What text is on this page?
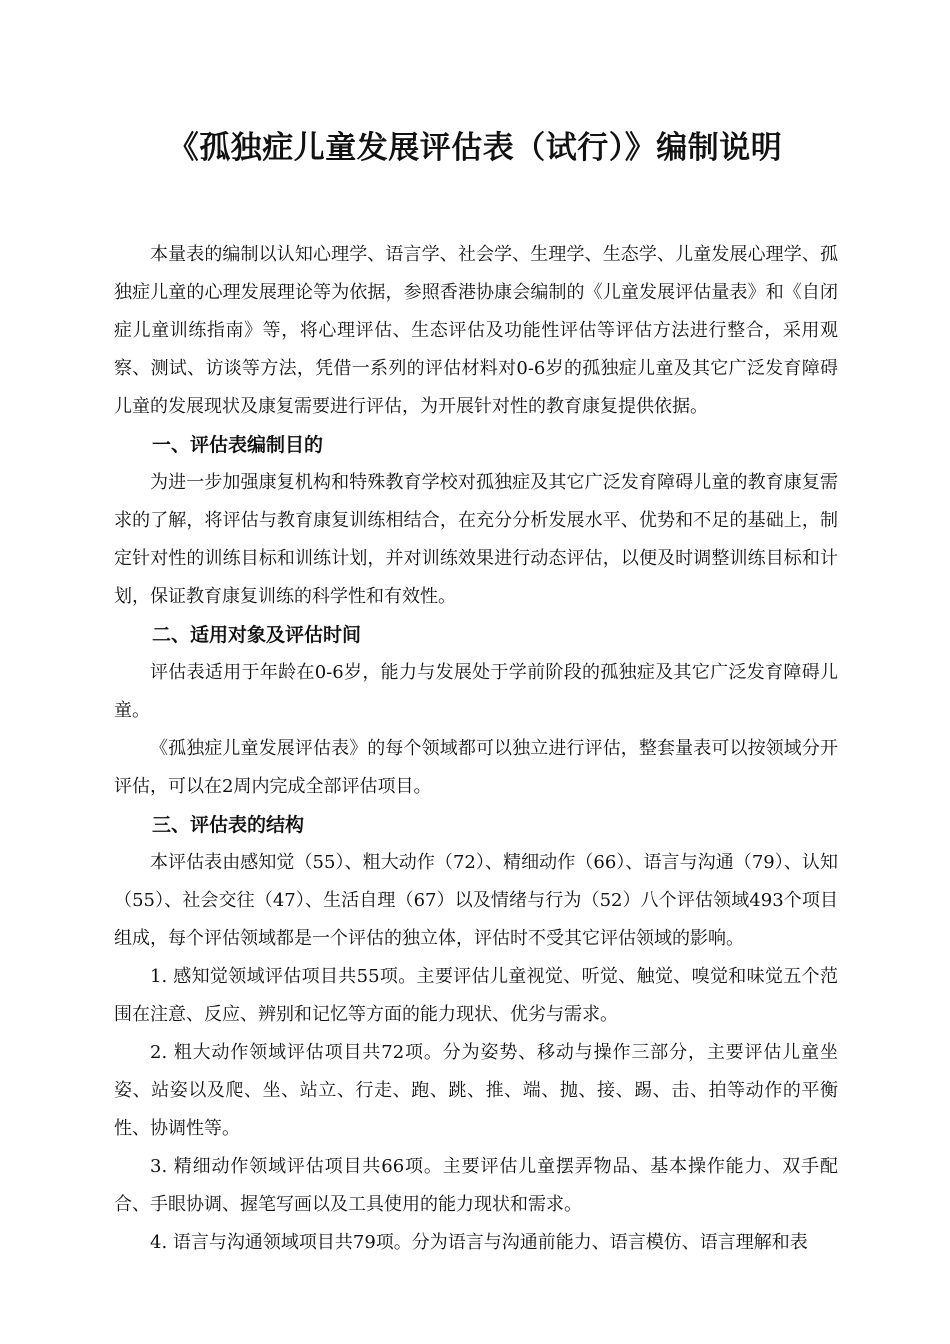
《孤独症儿童发展评估表（试行）》编制说明

本量表的编制以认知心理学、语言学、社会学、生理学、生态学、儿童发展心理学、孤独症儿童的心理发展理论等为依据，参照香港协康会编制的《儿童发展评估量表》和《自闭症儿童训练指南》等，将心理评估、生态评估及功能性评估等评估方法进行整合，采用观察、测试、访谈等方法，凭借一系列的评估材料对0-6岁的孤独症儿童及其它广泛发育障碍儿童的发展现状及康复需要进行评估，为开展针对性的教育康复提供依据。

一、评估表编制目的

为进一步加强康复机构和特殊教育学校对孤独症及其它广泛发育障碍儿童的教育康复需求的了解，将评估与教育康复训练相结合，在充分分析发展水平、优势和不足的基础上，制定针对性的训练目标和训练计划，并对训练效果进行动态评估，以便及时调整训练目标和计划，保证教育康复训练的科学性和有效性。

二、适用对象及评估时间

评估表适用于年龄在0-6岁，能力与发展处于学前阶段的孤独症及其它广泛发育障碍儿童。

《孤独症儿童发展评估表》的每个领域都可以独立进行评估，整套量表可以按领域分开评估，可以在2周内完成全部评估项目。

三、评估表的结构

本评估表由感知觉（55）、粗大动作（72）、精细动作（66）、语言与沟通（79）、认知（55）、社会交往（47）、生活自理（67）以及情绪与行为（52）八个评估领域493个项目组成，每个评估领域都是一个评估的独立体，评估时不受其它评估领域的影响。

1. 感知觉领域评估项目共55项。主要评估儿童视觉、听觉、触觉、嗅觉和味觉五个范围在注意、反应、辨别和记忆等方面的能力现状、优劣与需求。

2. 粗大动作领域评估项目共72项。分为姿势、移动与操作三部分，主要评估儿童坐姿、站姿以及爬、坐、站立、行走、跑、跳、推、端、抛、接、踢、击、拍等动作的平衡性、协调性等。

3. 精细动作领域评估项目共66项。主要评估儿童摆弄物品、基本操作能力、双手配合、手眼协调、握笔写画以及工具使用的能力现状和需求。

4. 语言与沟通领域项目共79项。分为语言与沟通前能力、语言模仿、语言理解和表
